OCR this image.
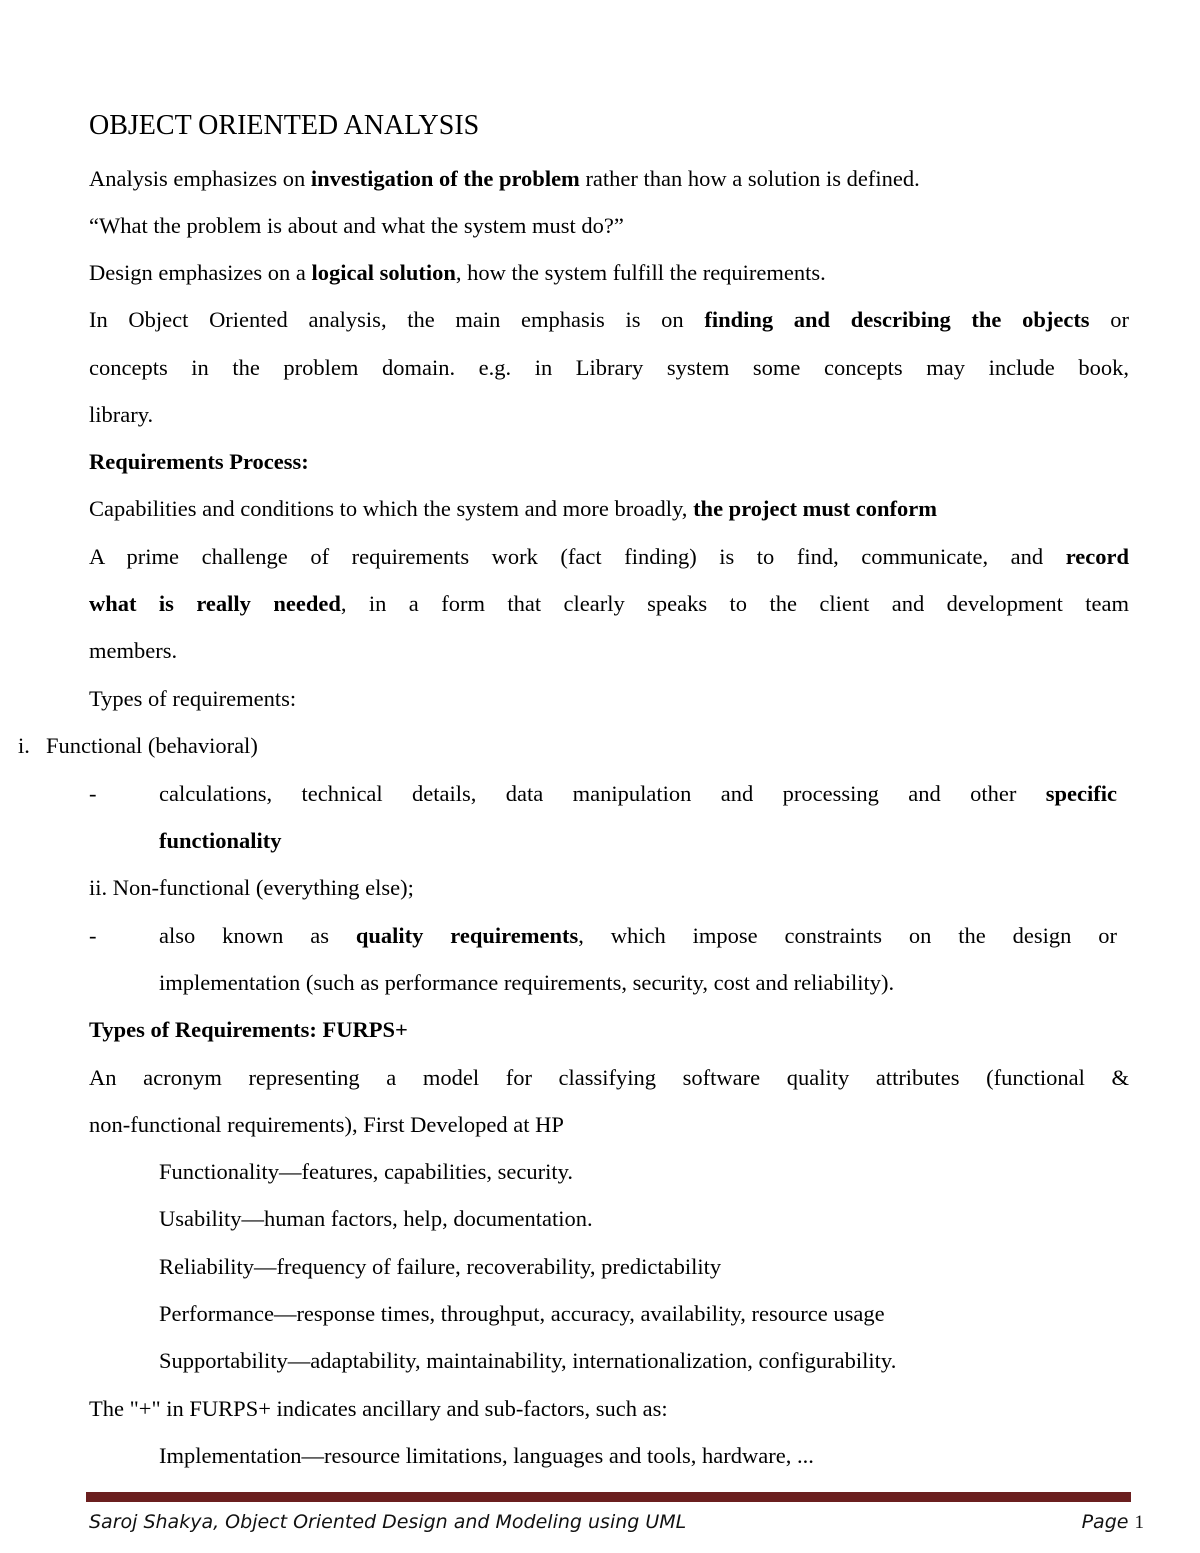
OBJECT ORIENTED ANALYSIS
Analysis emphasizes on investigation of the problem rather than how a solution is defined.
“What the problem is about and what the system must do?”
Design emphasizes on a logical solution, how the system fulfill the requirements.
In Object Oriented analysis, the main emphasis is on finding and describing the objects or
concepts in the problem domain. e.g. in Library system some concepts may include book,
library.
Requirements Process:
Capabilities and conditions to which the system and more broadly, the project must conform
A prime challenge of requirements work (fact finding) is to find, communicate, and record
what is really needed, in a form that clearly speaks to the client and development team
members.
Types of requirements:
i. Functional (behavioral)
-	calculations, technical details, data manipulation and processing and other specific
functionality
ii. Non-functional (everything else);
-	also known as quality requirements, which impose constraints on the design or
implementation (such as performance requirements, security, cost and reliability).
Types of Requirements: FURPS+
An acronym representing a model for classifying software quality attributes (functional &
non-functional requirements), First Developed at HP
Functionality—features, capabilities, security.
Usability—human factors, help, documentation.
Reliability—frequency of failure, recoverability, predictability
Performance—response times, throughput, accuracy, availability, resource usage
Supportability—adaptability, maintainability, internationalization, configurability.
The "+" in FURPS+ indicates ancillary and sub-factors, such as:
Implementation—resource limitations, languages and tools, hardware, ...
Saroj Shakya, Object Oriented Design and Modeling using UML	Page 1
